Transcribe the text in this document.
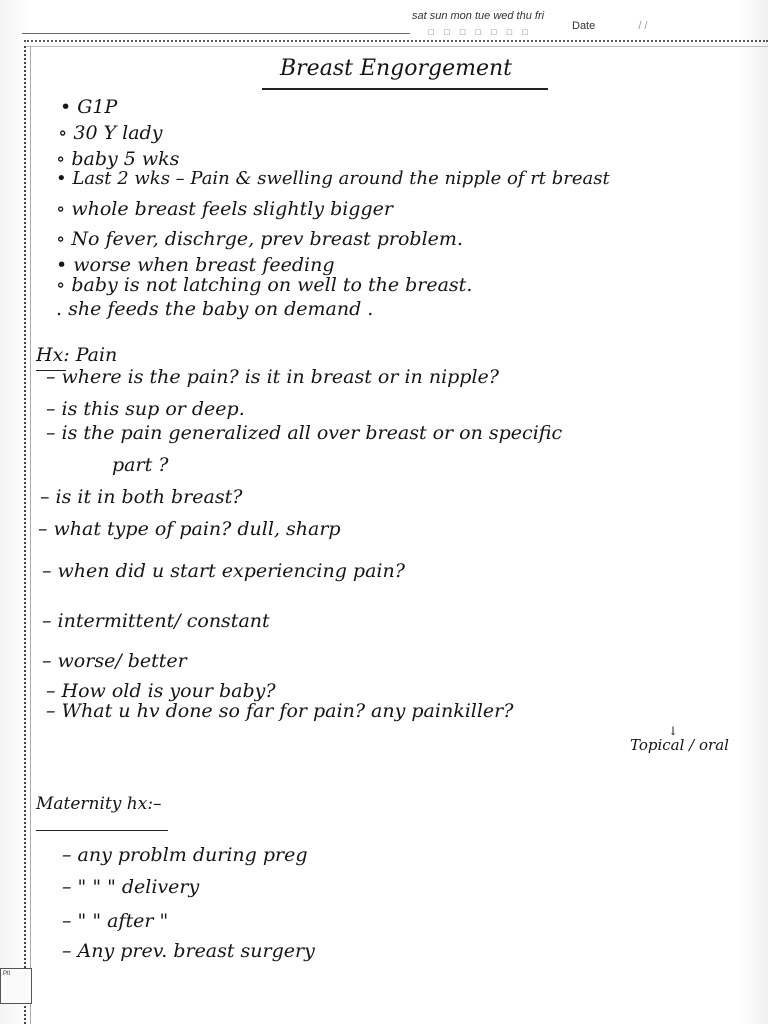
sat sun mon tue wed thu fri
□□□□□□□	Date	/ /
Breast Engorgement
• G1P
∘ 30 Y lady
∘ baby 5 wks
• Last 2 wks – Pain & swelling around the nipple of rt breast
∘ whole breast feels slightly bigger
∘ No fever, dischrge, prev breast problem.
• worse when breast feeding
∘ baby is not latching on well to the breast.
. she feeds the baby on demand .
Hx: Pain
– where is the pain? is it in breast or in nipple?
– is this sup or deep.
– is the pain generalized all over breast or on specific
part ?
– is it in both breast?
– what type of pain? dull, sharp
– when did u start experiencing pain?
– intermittent/ constant
– worse/ better
– How old is your baby?
– What u hv done so far for pain? any painkiller?
↓
Topical / oral
Maternity hx:–
– any problm during preg
– " " " delivery
– " " after "
– Any prev. breast surgery
Ptl
